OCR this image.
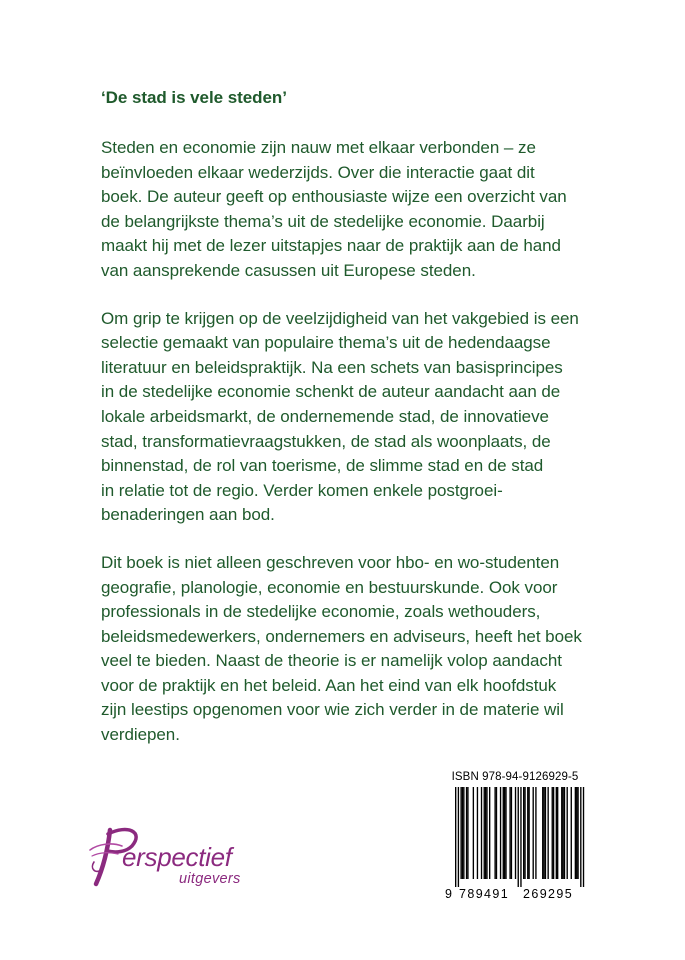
‘De stad is vele steden’

Steden en economie zijn nauw met elkaar verbonden – ze
beïnvloeden elkaar wederzijds. Over die interactie gaat dit
boek. De auteur geeft op enthousiaste wijze een overzicht van
de belangrijkste thema’s uit de stedelijke economie. Daarbij
maakt hij met de lezer uitstapjes naar de praktijk aan de hand
van aansprekende casussen uit Europese steden.

Om grip te krijgen op de veelzijdigheid van het vakgebied is een
selectie gemaakt van populaire thema’s uit de hedendaagse
literatuur en beleidspraktijk. Na een schets van basisprincipes
in de stedelijke economie schenkt de auteur aandacht aan de
lokale arbeidsmarkt, de ondernemende stad, de innovatieve
stad, transformatievraagstukken, de stad als woonplaats, de
binnenstad, de rol van toerisme, de slimme stad en de stad
in relatie tot de regio. Verder komen enkele postgroei-
benaderingen aan bod.

Dit boek is niet alleen geschreven voor hbo- en wo-studenten
geografie, planologie, economie en bestuurskunde. Ook voor
professionals in de stedelijke economie, zoals wethouders,
beleidsmedewerkers, ondernemers en adviseurs, heeft het boek
veel te bieden. Naast de theorie is er namelijk volop aandacht
voor de praktijk en het beleid. Aan het eind van elk hoofdstuk
zijn leestips opgenomen voor wie zich verder in de materie wil
verdiepen.

erspectief
uitgevers
ISBN 978-94-9126929-5
9 789491 269295
